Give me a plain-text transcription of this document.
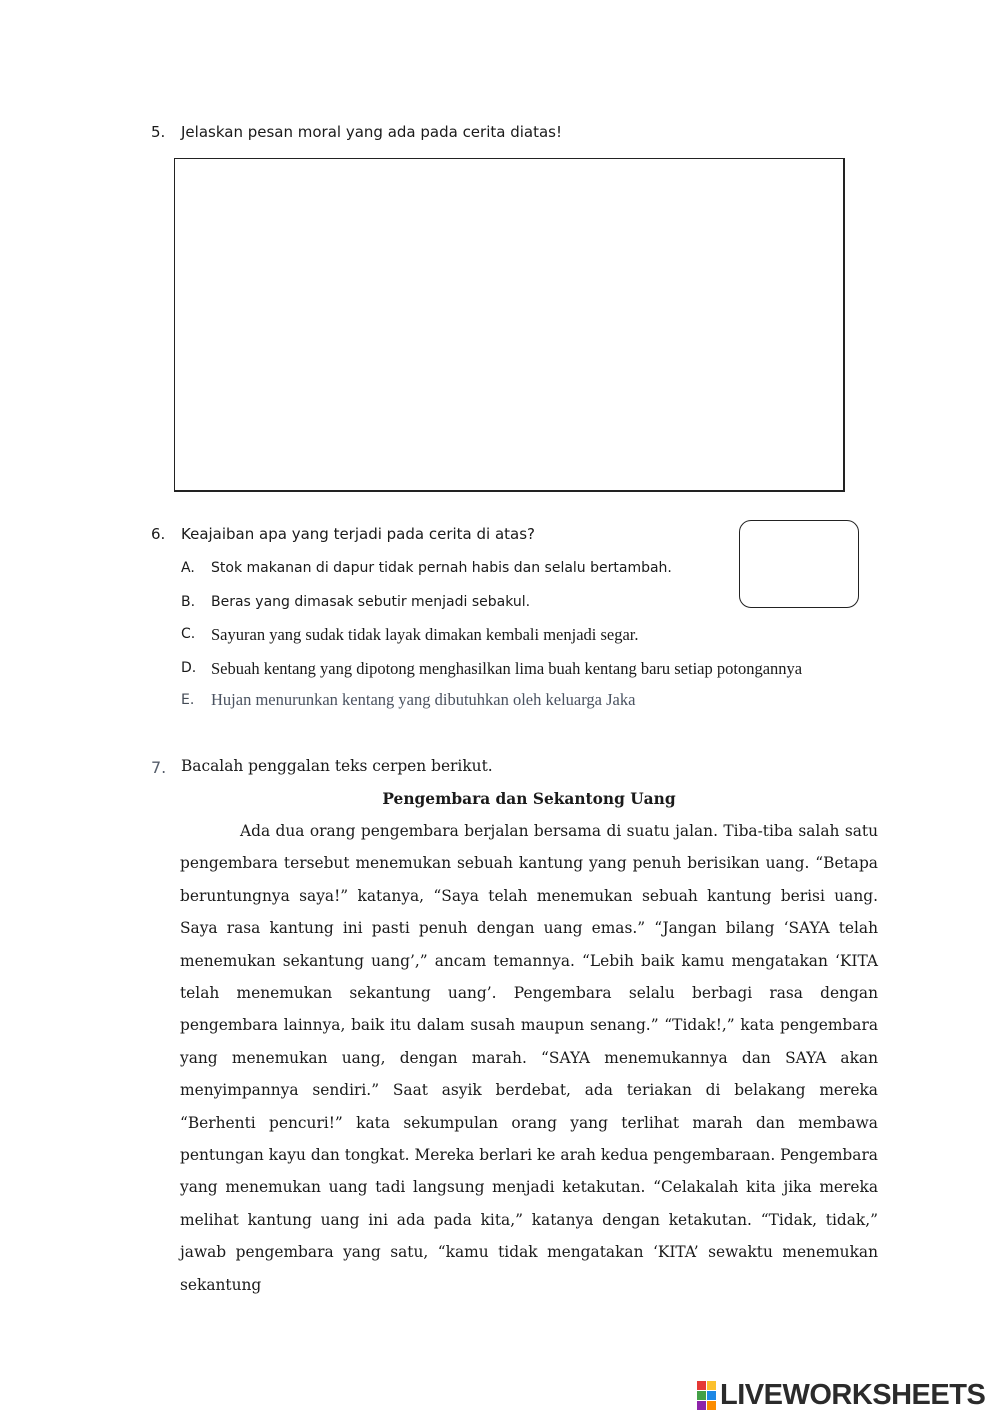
5. Jelaskan pesan moral yang ada pada cerita diatas!
6. Keajaiban apa yang terjadi pada cerita di atas?
A. Stok makanan di dapur tidak pernah habis dan selalu bertambah.
B. Beras yang dimasak sebutir menjadi sebakul.
C. Sayuran yang sudak tidak layak dimakan kembali menjadi segar.
D. Sebuah kentang yang dipotong menghasilkan lima buah kentang baru setiap potongannya
E. Hujan menurunkan kentang yang dibutuhkan oleh keluarga Jaka
7. Bacalah penggalan teks cerpen berikut.
Pengembara dan Sekantong Uang

Ada dua orang pengembara berjalan bersama di suatu jalan. Tiba-tiba salah satu pengembara tersebut menemukan sebuah kantung yang penuh berisikan uang. “Betapa beruntungnya saya!” katanya, “Saya telah menemukan sebuah kantung berisi uang. Saya rasa kantung ini pasti penuh dengan uang emas.” “Jangan bilang ‘SAYA telah menemukan sekantung uang’,” ancam temannya. “Lebih baik kamu mengatakan ‘KITA telah menemukan sekantung uang’. Pengembara selalu berbagi rasa dengan pengembara lainnya, baik itu dalam susah maupun senang.” “Tidak!,” kata pengembara yang menemukan uang, dengan marah. “SAYA menemukannya dan SAYA akan menyimpannya sendiri.” Saat asyik berdebat, ada teriakan di belakang mereka “Berhenti pencuri!” kata sekumpulan orang yang terlihat marah dan membawa pentungan kayu dan tongkat. Mereka berlari ke arah kedua pengembaraan. Pengembara yang menemukan uang tadi langsung menjadi ketakutan. “Celakalah kita jika mereka melihat kantung uang ini ada pada kita,” katanya dengan ketakutan. “Tidak, tidak,” jawab pengembara yang satu, “kamu tidak mengatakan ‘KITA’ sewaktu menemukan sekantung

LIVEWORKSHEETS
